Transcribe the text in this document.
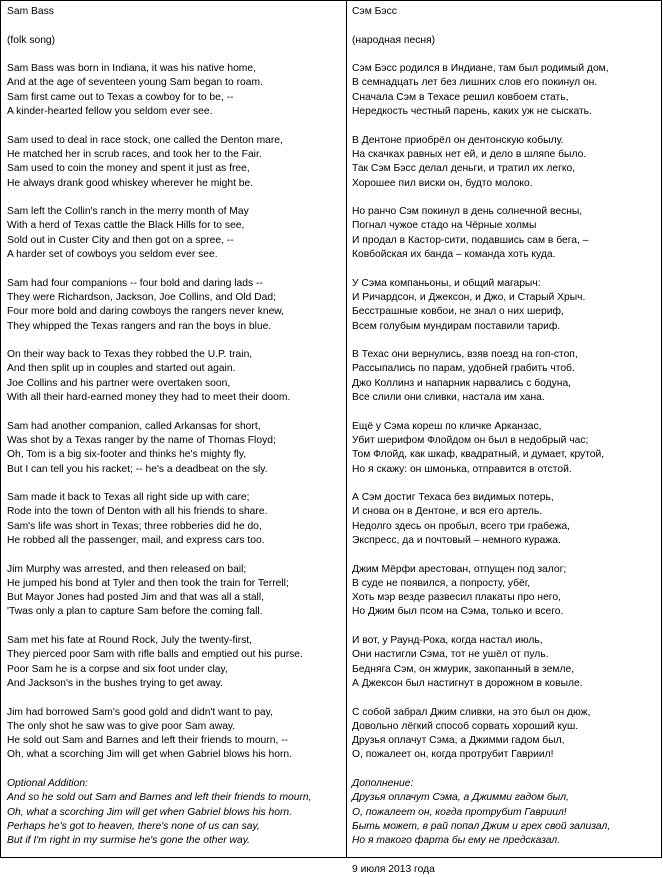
Sam Bass
(folk song)
Sam Bass was born in Indiana, it was his native home,
And at the age of seventeen young Sam began to roam.
Sam first came out to Texas a cowboy for to be, --
A kinder-hearted fellow you seldom ever see.
Sam used to deal in race stock, one called the Denton mare,
He matched her in scrub races, and took her to the Fair.
Sam used to coin the money and spent it just as free,
He always drank good whiskey wherever he might be.
Sam left the Collin's ranch in the merry month of May
With a herd of Texas cattle the Black Hills for to see,
Sold out in Custer City and then got on a spree, --
A harder set of cowboys you seldom ever see.
Sam had four companions -- four bold and daring lads --
They were Richardson, Jackson, Joe Collins, and Old Dad;
Four more bold and daring cowboys the rangers never knew,
They whipped the Texas rangers and ran the boys in blue.
On their way back to Texas they robbed the U.P. train,
And then split up in couples and started out again.
Joe Collins and his partner were overtaken soon,
With all their hard-earned money they had to meet their doom.
Sam had another companion, called Arkansas for short,
Was shot by a Texas ranger by the name of Thomas Floyd;
Oh, Tom is a big six-footer and thinks he's mighty fly,
But I can tell you his racket; -- he's a deadbeat on the sly.
Sam made it back to Texas all right side up with care;
Rode into the town of Denton with all his friends to share.
Sam's life was short in Texas; three robberies did he do,
He robbed all the passenger, mail, and express cars too.
Jim Murphy was arrested, and then released on bail;
He jumped his bond at Tyler and then took the train for Terrell;
But Mayor Jones had posted Jim and that was all a stall,
'Twas only a plan to capture Sam before the coming fall.
Sam met his fate at Round Rock, July the twenty-first,
They pierced poor Sam with rifle balls and emptied out his purse.
Poor Sam he is a corpse and six foot under clay,
And Jackson's in the bushes trying to get away.
Jim had borrowed Sam's good gold and didn't want to pay,
The only shot he saw was to give poor Sam away.
He sold out Sam and Barnes and left their friends to mourn, --
Oh, what a scorching Jim will get when Gabriel blows his horn.
Optional Addition:
And so he sold out Sam and Barnes and left their friends to mourn,
Oh, what a scorching Jim will get when Gabriel blows his horn.
Perhaps he's got to heaven, there's none of us can say,
But if I'm right in my surmise he's gone the other way.
Сэм Бэсс
(народная песня)
Сэм Бэсс родился в Индиане, там был родимый дом,
В семнадцать лет без лишних слов его покинул он.
Сначала Сэм в Техасе решил ковбоем стать,
Нередкость честный парень, каких уж не сыскать.
В Дентоне приобрёл он дентонскую кобылу.
На скачках равных нет ей, и дело в шляпе было.
Так Сэм Бэсс делал деньги, и тратил их легко,
Хорошее пил виски он, будто молоко.
Но ранчо Сэм покинул в день солнечной весны,
Погнал чужое стадо на Чёрные холмы
И продал в Кастор-сити, подавшись сам в бега, –
Ковбойская их банда – команда хоть куда.
У Сэма компаньоны, и общий магарыч:
И Ричардсон, и Джексон, и Джо, и Старый Хрыч.
Бесстрашные ковбои, не знал о них шериф,
Всем голубым мундирам поставили тариф.
В Техас они вернулись, взяв поезд на гоп-стоп,
Рассыпались по парам, удобней грабить чтоб.
Джо Коллинз и напарник нарвались с бодуна,
Все слили они сливки, настала им хана.
Ещё у Сэма кореш по кличке Арканзас,
Убит шерифом Флойдом он был в недобрый час;
Том Флойд, как шкаф, квадратный, и думает, крутой,
Но я скажу: он шмонька, отправится в отстой.
А Сэм достиг Техаса без видимых потерь,
И снова он в Дентоне, и вся его артель.
Недолго здесь он пробыл, всего три грабежа,
Экспресс, да и почтовый – немного куража.
Джим Мёрфи арестован, отпущен под залог;
В суде не появился, а попросту, убёг,
Хоть мэр везде развесил плакаты про него,
Но Джим был псом на Сэма, только и всего.
И вот, у Раунд-Рока, когда настал июль,
Они настигли Сэма, тот не ушёл от пуль.
Бедняга Сэм, он жмурик, закопанный в земле,
А Джексон был настигнут в дорожном в ковыле.
С собой забрал Джим сливки, на это был он дюж,
Довольно лёгкий способ сорвать хороший куш.
Друзья оплачут Сэма, а Джимми гадом был,
О, пожалеет он, когда протрубит Гавриил!
Дополнение:
Друзья оплачут Сэма, а Джимми гадом был,
О, пожалеет он, когда протрубит Гавриил!
Быть может, в рай попал Джим и грех свой зализал,
Но я такого фарта бы ему не предсказал.
9 июля 2013 года
